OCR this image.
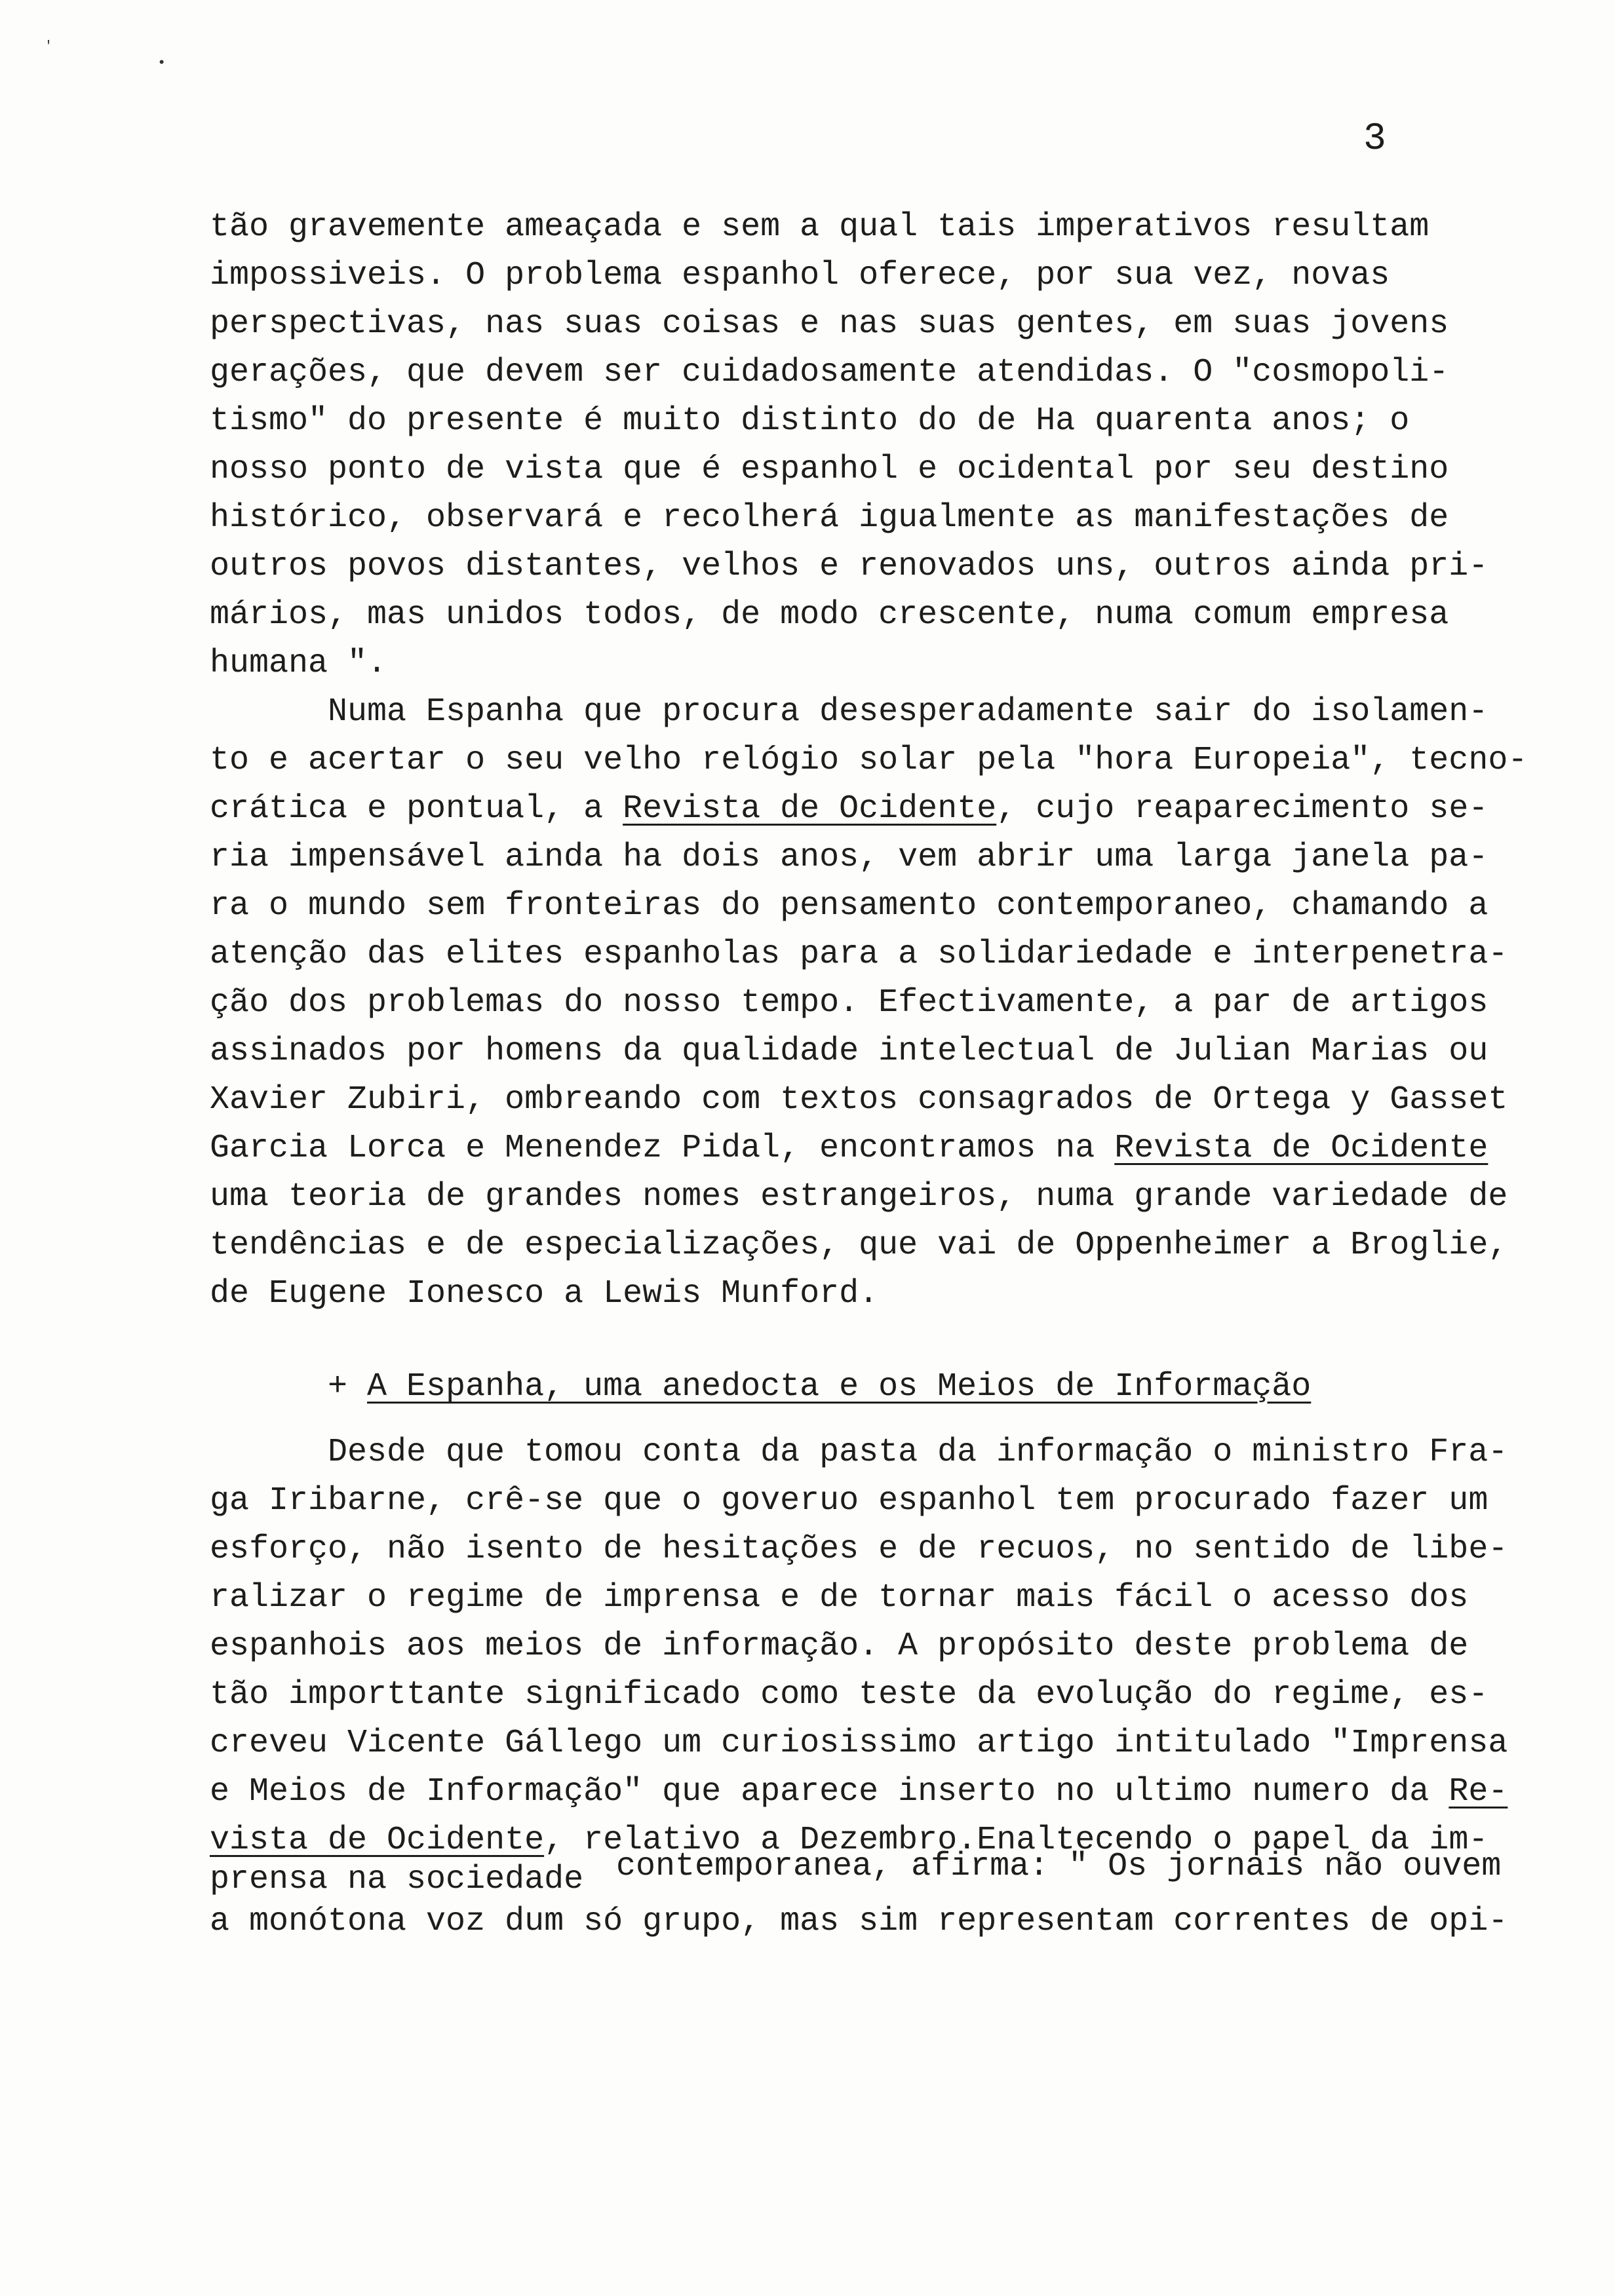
′
•
3
tão gravemente ameaçada e sem a qual tais imperativos resultam
impossiveis. O problema espanhol oferece, por sua vez, novas
perspectivas, nas suas coisas e nas suas gentes, em suas jovens
gerações, que devem ser cuidadosamente atendidas. O "cosmopoli-
tismo" do presente é muito distinto do de Ha quarenta anos; o
nosso ponto de vista que é espanhol e ocidental por seu destino
histórico, observará e recolherá igualmente as manifestações de
outros povos distantes, velhos e renovados uns, outros ainda pri-
mários, mas unidos todos, de modo crescente, numa comum empresa
humana ".
Numa Espanha que procura desesperadamente sair do isolamen-
to e acertar o seu velho relógio solar pela "hora Europeia", tecno-
crática e pontual, a Revista de Ocidente, cujo reaparecimento se-
ria impensável ainda ha dois anos, vem abrir uma larga janela pa-
ra o mundo sem fronteiras do pensamento contemporaneo, chamando a
atenção das elites espanholas para a solidariedade e interpenetra-
ção dos problemas do nosso tempo. Efectivamente, a par de artigos
assinados por homens da qualidade intelectual de Julian Marias ou
Xavier Zubiri, ombreando com textos consagrados de Ortega y Gasset
Garcia Lorca e Menendez Pidal, encontramos na Revista de Ocidente
uma teoria de grandes nomes estrangeiros, numa grande variedade de
tendências e de especializações, que vai de Oppenheimer a Broglie,
de Eugene Ionesco a Lewis Munford.
+ A Espanha, uma anedocta e os Meios de Informação
Desde que tomou conta da pasta da informação o ministro Fra-
ga Iribarne, crê-se que o goveruo espanhol tem procurado fazer um
esforço, não isento de hesitações e de recuos, no sentido de libe-
ralizar o regime de imprensa e de tornar mais fácil o acesso dos
espanhois aos meios de informação. A propósito deste problema de
tão importtante significado como teste da evolução do regime, es-
creveu Vicente Gállego um curiosissimo artigo intitulado "Imprensa
e Meios de Informação" que aparece inserto no ultimo numero da Re-
vista de Ocidente, relativo a Dezembro.Enaltecendo o papel da im-
prensa na sociedade contemporanea, afirma: " Os jornais não ouvem
a monótona voz dum só grupo, mas sim representam correntes de opi-
